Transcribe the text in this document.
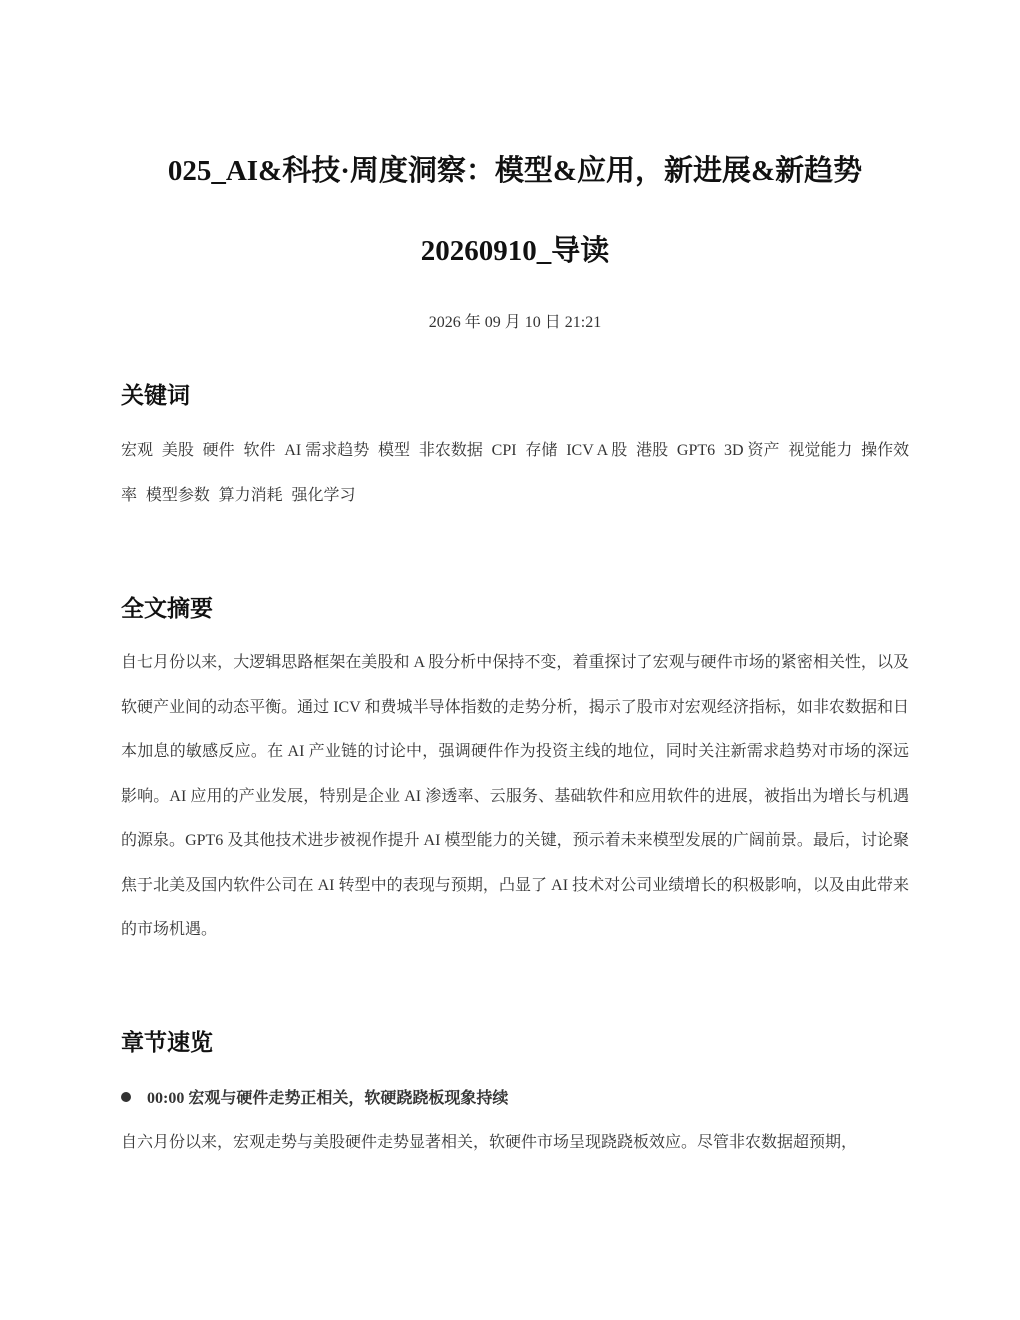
025_AI&科技·周度洞察：模型&应用，新进展&新趋势
20260910_导读
2026 年 09 月 10 日 21:21
关键词

宏观 美股 硬件 软件 AI 需求趋势 模型 非农数据 CPI 存储 ICV A 股 港股 GPT6 3D 资产 视觉能力 操作效率 模型参数 算力消耗 强化学习

全文摘要

自七月份以来，大逻辑思路框架在美股和 A 股分析中保持不变，着重探讨了宏观与硬件市场的紧密相关性，以及软硬产业间的动态平衡。通过 ICV 和费城半导体指数的走势分析，揭示了股市对宏观经济指标，如非农数据和日本加息的敏感反应。在 AI 产业链的讨论中，强调硬件作为投资主线的地位，同时关注新需求趋势对市场的深远影响。AI 应用的产业发展，特别是企业 AI 渗透率、云服务、基础软件和应用软件的进展，被指出为增长与机遇的源泉。GPT6 及其他技术进步被视作提升 AI 模型能力的关键，预示着未来模型发展的广阔前景。最后，讨论聚焦于北美及国内软件公司在 AI 转型中的表现与预期，凸显了 AI 技术对公司业绩增长的积极影响，以及由此带来的市场机遇。

章节速览
00:00 宏观与硬件走势正相关，软硬跷跷板现象持续

自六月份以来，宏观走势与美股硬件走势显著相关，软硬件市场呈现跷跷板效应。尽管非农数据超预期，
